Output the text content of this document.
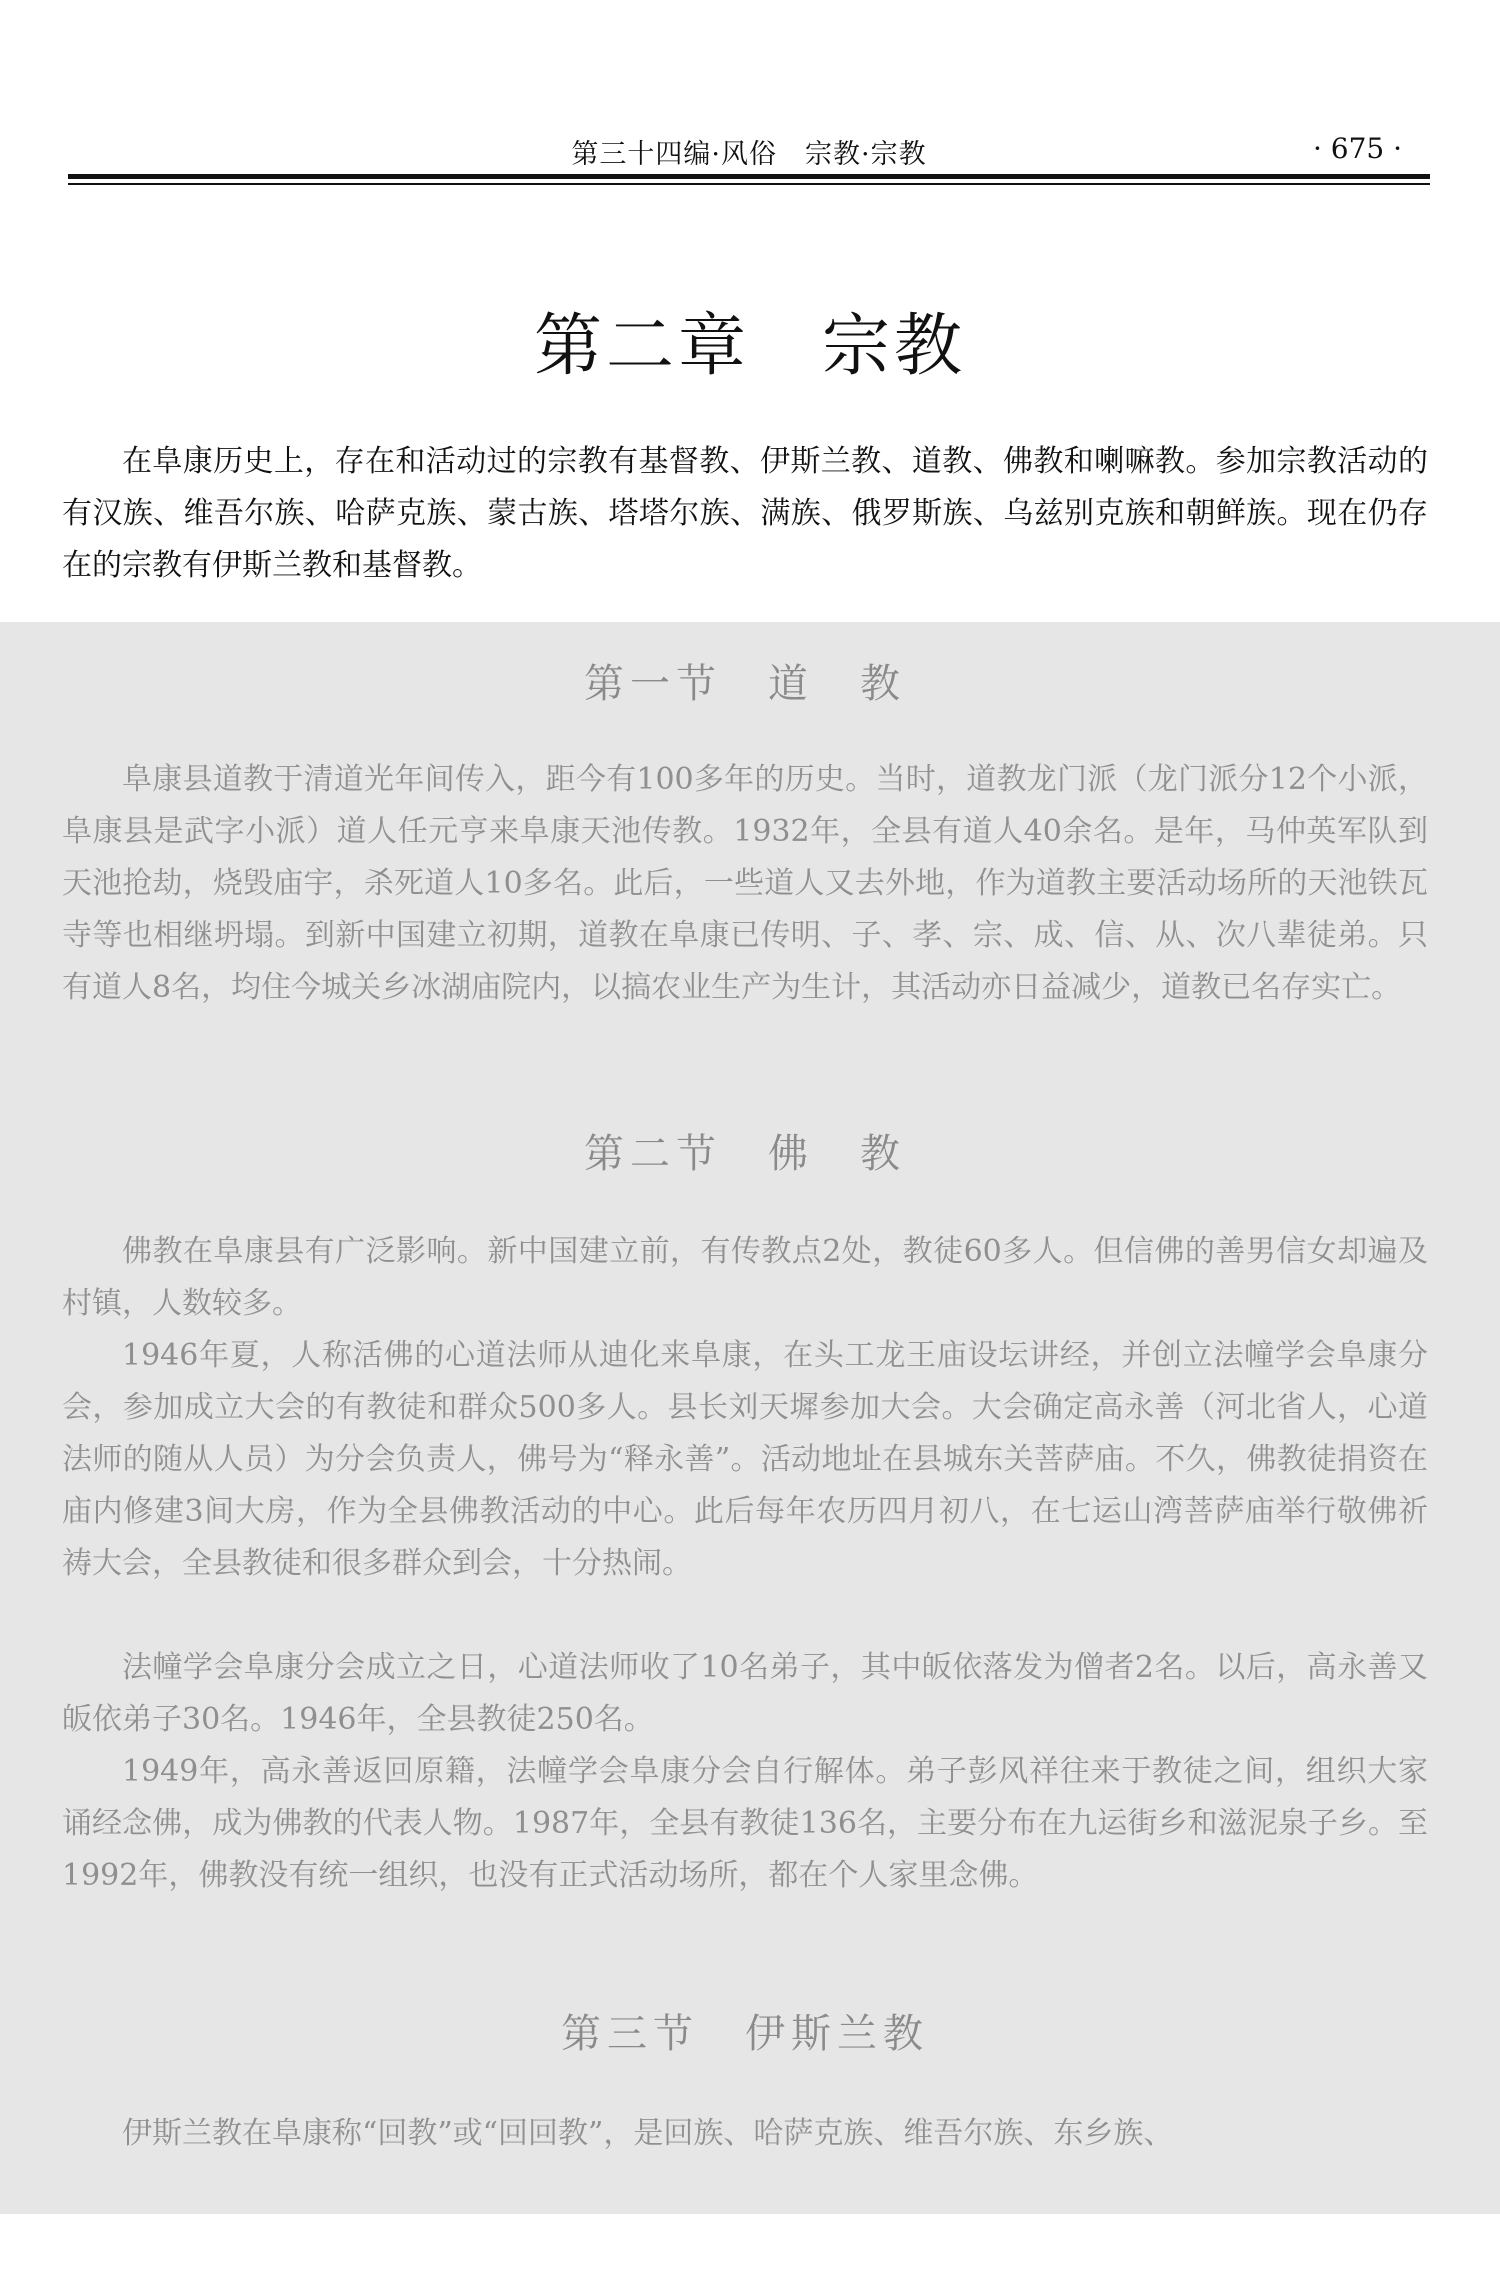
第三十四编·风俗　宗教·宗教	· 675 ·
第二章　宗教

在阜康历史上，存在和活动过的宗教有基督教、伊斯兰教、道教、佛教和喇嘛教。参加宗教活动的有汉族、维吾尔族、哈萨克族、蒙古族、塔塔尔族、满族、俄罗斯族、乌兹别克族和朝鲜族。现在仍存在的宗教有伊斯兰教和基督教。

第一节　道　教

阜康县道教于清道光年间传入，距今有100多年的历史。当时，道教龙门派（龙门派分12个小派，阜康县是武字小派）道人任元亨来阜康天池传教。1932年，全县有道人40余名。是年，马仲英军队到天池抢劫，烧毁庙宇，杀死道人10多名。此后，一些道人又去外地，作为道教主要活动场所的天池铁瓦寺等也相继坍塌。到新中国建立初期，道教在阜康已传明、子、孝、宗、成、信、从、次八辈徒弟。只有道人8名，均住今城关乡冰湖庙院内，以搞农业生产为生计，其活动亦日益减少，道教已名存实亡。

第二节　佛　教

佛教在阜康县有广泛影响。新中国建立前，有传教点2处，教徒60多人。但信佛的善男信女却遍及村镇，人数较多。

1946年夏，人称活佛的心道法师从迪化来阜康，在头工龙王庙设坛讲经，并创立法幢学会阜康分会，参加成立大会的有教徒和群众500多人。县长刘天墀参加大会。大会确定高永善（河北省人，心道法师的随从人员）为分会负责人，佛号为“释永善”。活动地址在县城东关菩萨庙。不久，佛教徒捐资在庙内修建3间大房，作为全县佛教活动的中心。此后每年农历四月初八，在七运山湾菩萨庙举行敬佛祈祷大会，全县教徒和很多群众到会，十分热闹。

法幢学会阜康分会成立之日，心道法师收了10名弟子，其中皈依落发为僧者2名。以后，高永善又皈依弟子30名。1946年，全县教徒250名。

1949年，高永善返回原籍，法幢学会阜康分会自行解体。弟子彭风祥往来于教徒之间，组织大家诵经念佛，成为佛教的代表人物。1987年，全县有教徒136名，主要分布在九运街乡和滋泥泉子乡。至1992年，佛教没有统一组织，也没有正式活动场所，都在个人家里念佛。

第三节　伊斯兰教

伊斯兰教在阜康称“回教”或“回回教”，是回族、哈萨克族、维吾尔族、东乡族、
